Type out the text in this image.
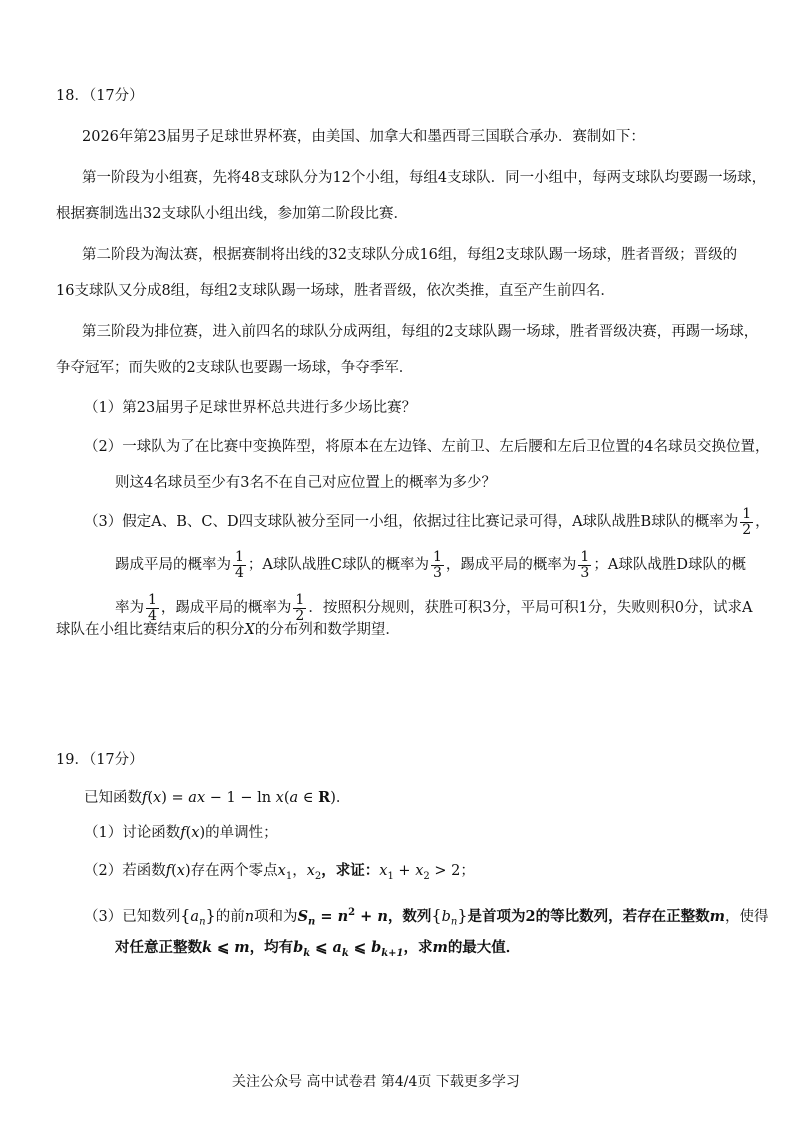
18．（17分）
2026年第23届男子足球世界杯赛，由美国、加拿大和墨西哥三国联合承办．赛制如下：
第一阶段为小组赛，先将48支球队分为12个小组，每组4支球队．同一小组中，每两支球队均要踢一场球，
根据赛制选出32支球队小组出线，参加第二阶段比赛．
第二阶段为淘汰赛，根据赛制将出线的32支球队分成16组，每组2支球队踢一场球，胜者晋级；晋级的
16支球队又分成8组，每组2支球队踢一场球，胜者晋级，依次类推，直至产生前四名．
第三阶段为排位赛，进入前四名的球队分成两组，每组的2支球队踢一场球，胜者晋级决赛，再踢一场球，
争夺冠军；而失败的2支球队也要踢一场球，争夺季军．
（1）第23届男子足球世界杯总共进行多少场比赛？
（2）一球队为了在比赛中变换阵型，将原本在左边锋、左前卫、左后腰和左后卫位置的4名球员交换位置，
则这4名球员至少有3名不在自己对应位置上的概率为多少？
（3）假定A、B、C、D四支球队被分至同一小组，依据过往比赛记录可得，A球队战胜B球队的概率为 $\frac{1}{2}$ ，
踢成平局的概率为 $\frac{1}{4}$ ；A球队战胜C球队的概率为 $\frac{1}{3}$ ，踢成平局的概率为 $\frac{1}{3}$ ；A球队战胜D球队的概
率为 $\frac{1}{4}$ ，踢成平局的概率为 $\frac{1}{2}$ ．按照积分规则，获胜可积3分，平局可积1分，失败则积0分，试求A
球队在小组比赛结束后的积分X的分布列和数学期望．
19．（17分）
已知函数f(x) = ax − 1 − ln x(a ∈ R)．
（1）讨论函数f(x)的单调性；
（2）若函数f(x)存在两个零点$x_1$，$x_2$，求证：$x_1 + x_2 > 2$；
（3）已知数列$\{a_n\}$的前n项和为$S_n = n^2 + n$，数列$\{b_n\}$是首项为2的等比数列，若存在正整数m，使得
对任意正整数k ⩽ m，均有$b_k$ ⩽ $a_k$ ⩽ $b_{k+1}$，求m的最大值．
关注公众号 高中试卷君 第4/4页 下载更多学习
